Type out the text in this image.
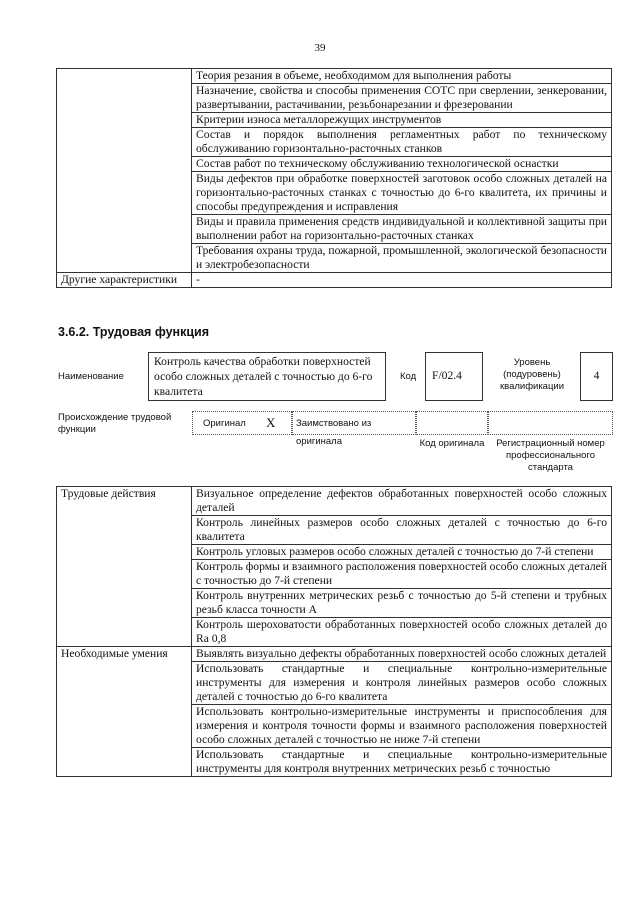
39
	Теория резания в объеме, необходимом для выполнения работы
	Назначение, свойства и способы применения СОТС при сверлении, зенкеровании, развертывании, растачивании, резьбонарезании и фрезеровании
	Критерии износа металлорежущих инструментов
	Состав и порядок выполнения регламентных работ по техническому обслуживанию горизонтально-расточных станков
	Состав работ по техническому обслуживанию технологической оснастки
	Виды дефектов при обработке поверхностей заготовок особо сложных деталей на горизонтально-расточных станках с точностью до 6-го квалитета, их причины и способы предупреждения и исправления
	Виды и правила применения средств индивидуальной и коллективной защиты при выполнении работ на горизонтально-расточных станках
	Требования охраны труда, пожарной, промышленной, экологической безопасности и электробезопасности
Другие характеристики	-
3.6.2. Трудовая функция
Наименование
Контроль качества обработки поверхностей особо сложных деталей с точностью до 6-го квалитета
Код	F/02.4
Уровень (подуровень) квалификации
4
Происхождение трудовой функции
Оригинал X	Заимствовано из оригинала	Код оригинала	Регистрационный номер профессионального стандарта
Трудовые действия	Визуальное определение дефектов обработанных поверхностей особо сложных деталей
	Контроль линейных размеров особо сложных деталей с точностью до 6-го квалитета
	Контроль угловых размеров особо сложных деталей с точностью до 7-й степени
	Контроль формы и взаимного расположения поверхностей особо сложных деталей с точностью до 7-й степени
	Контроль внутренних метрических резьб с точностью до 5-й степени и трубных резьб класса точности А
	Контроль шероховатости обработанных поверхностей особо сложных деталей до Ra 0,8
Необходимые умения	Выявлять визуально дефекты обработанных поверхностей особо сложных деталей
	Использовать стандартные и специальные контрольно-измерительные инструменты для измерения и контроля линейных размеров особо сложных деталей с точностью до 6-го квалитета
	Использовать контрольно-измерительные инструменты и приспособления для измерения и контроля точности формы и взаимного расположения поверхностей особо сложных деталей с точностью не ниже 7-й степени
	Использовать стандартные и специальные контрольно-измерительные инструменты для контроля внутренних метрических резьб с точностью
